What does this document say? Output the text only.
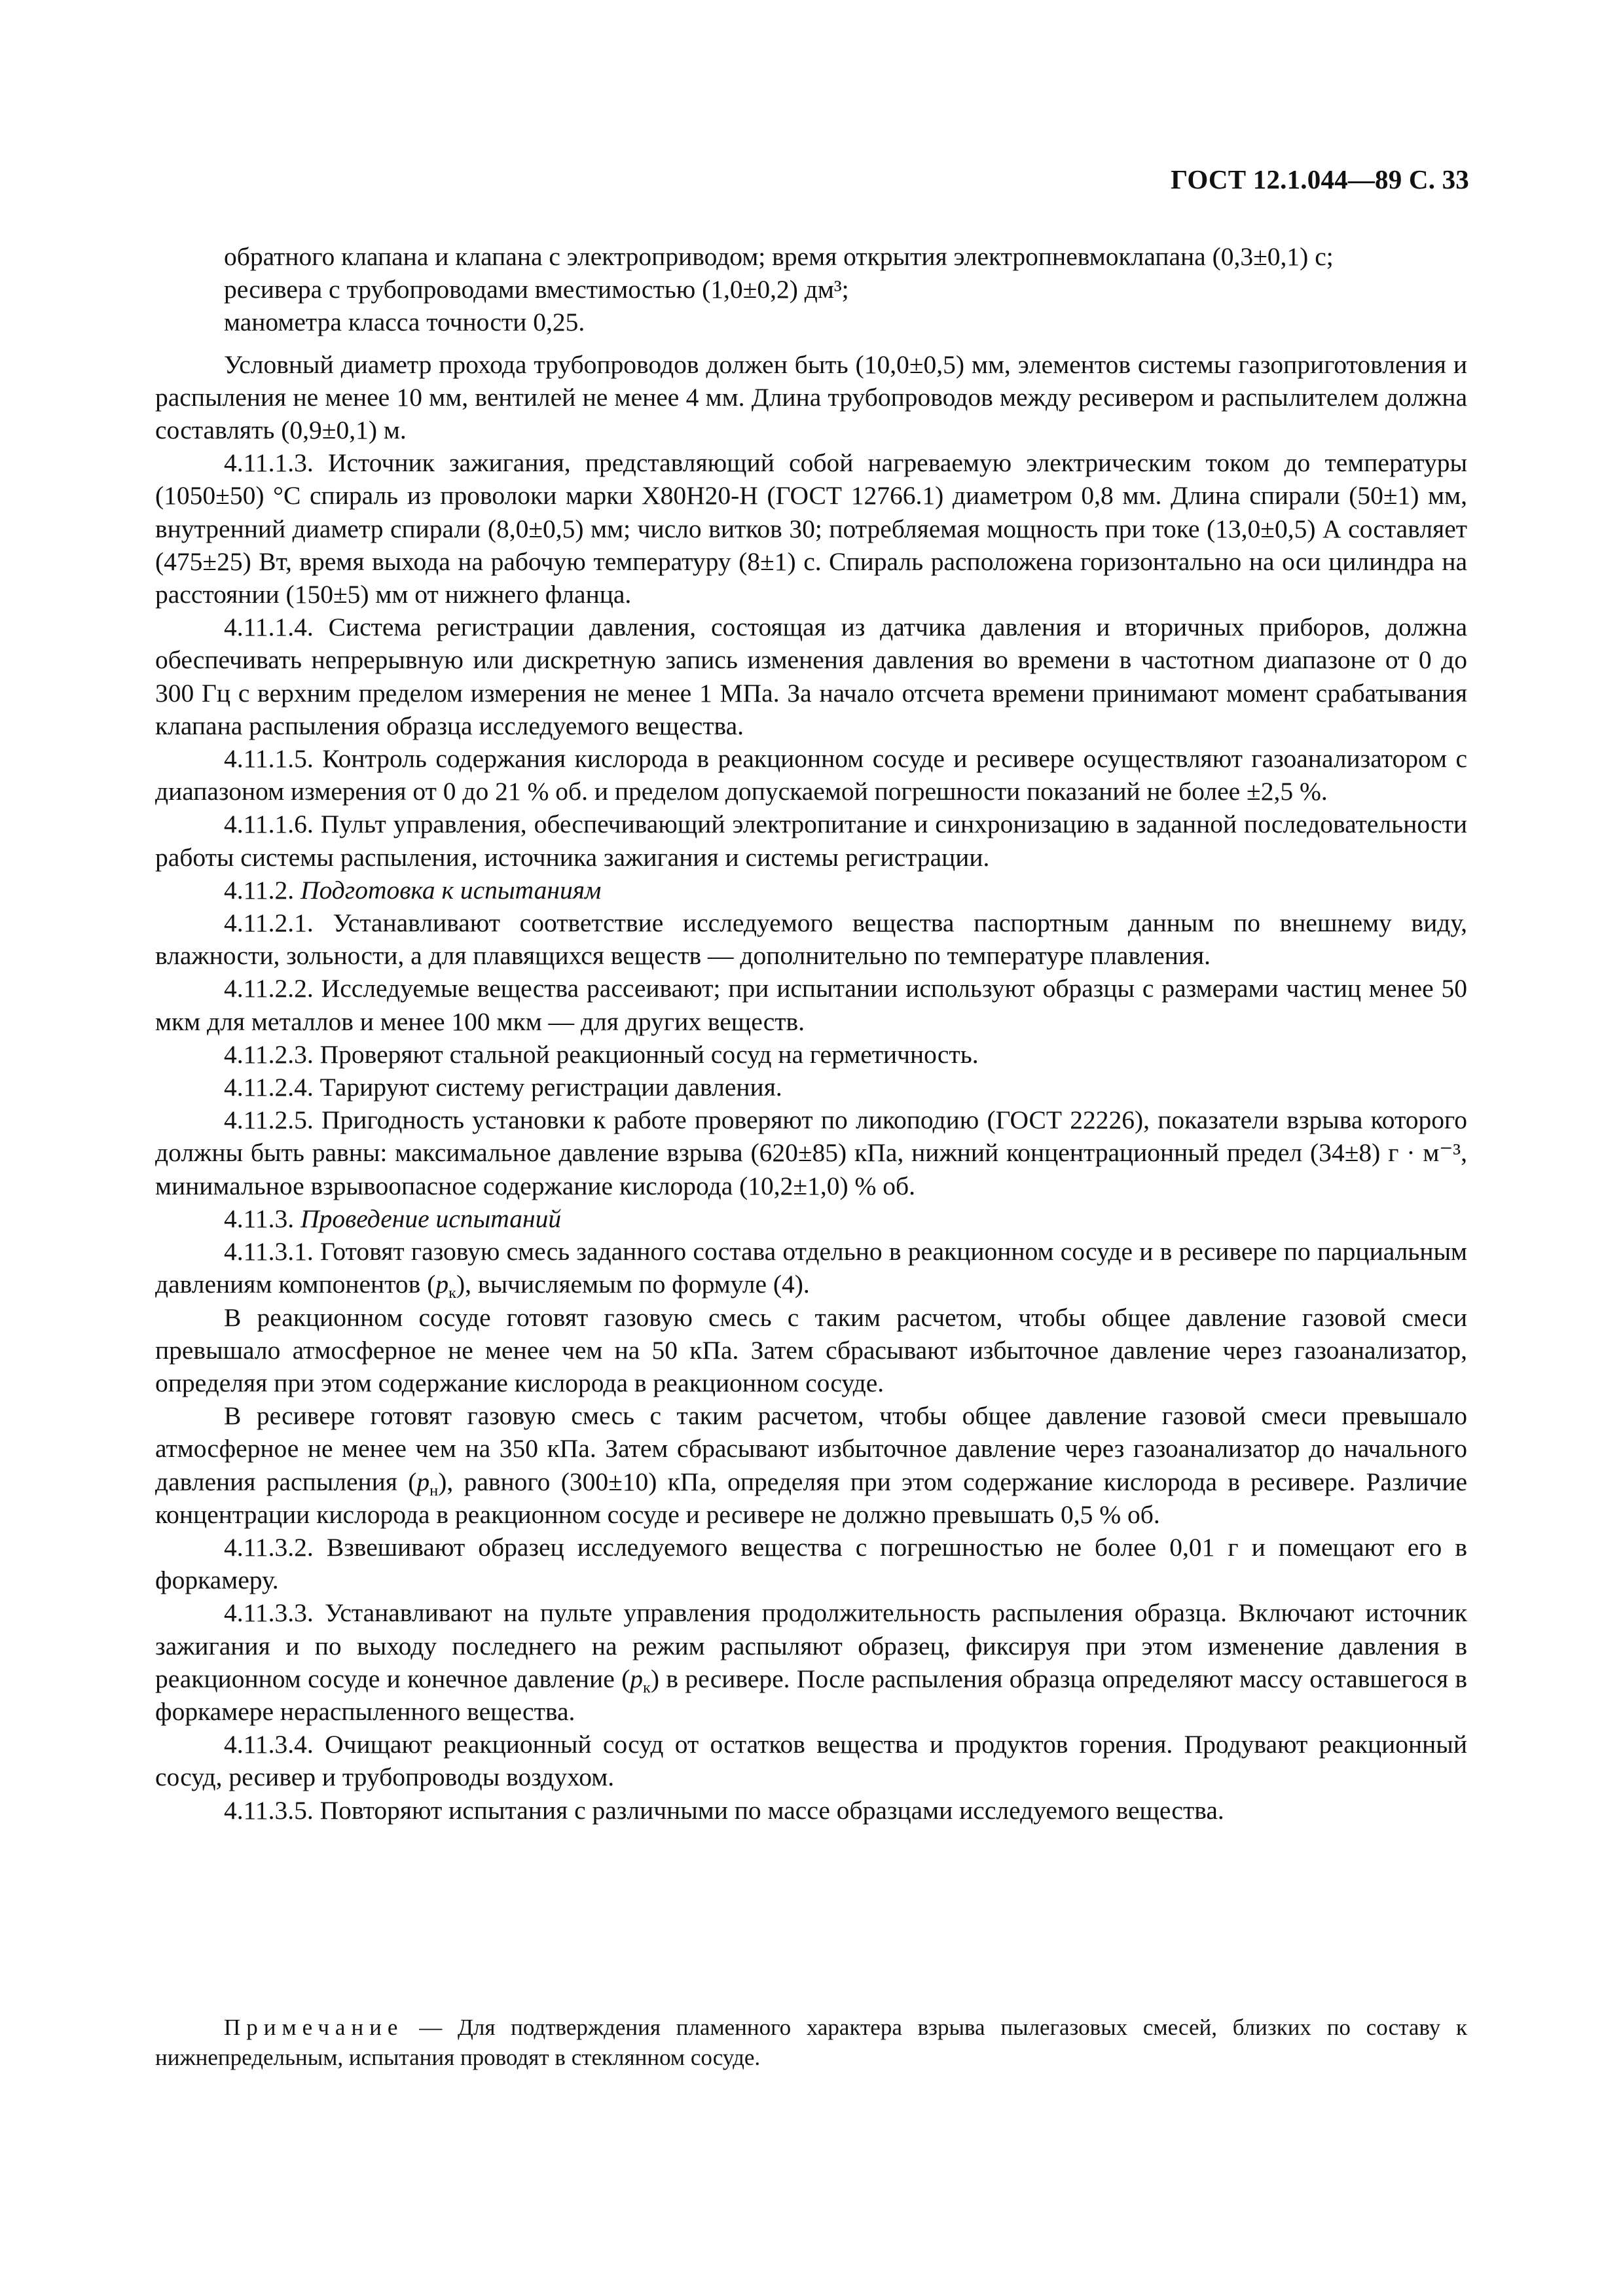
ГОСТ 12.1.044—89 С. 33

обратного клапана и клапана с электроприводом; время открытия электропневмоклапана (0,3±0,1) с;

ресивера с трубопроводами вместимостью (1,0±0,2) дм³;

манометра класса точности 0,25.

Условный диаметр прохода трубопроводов должен быть (10,0±0,5) мм, элементов системы газоприготовления и распыления не менее 10 мм, вентилей не менее 4 мм. Длина трубопроводов между ресивером и распылителем должна составлять (0,9±0,1) м.

4.11.1.3. Источник зажигания, представляющий собой нагреваемую электрическим током до температуры (1050±50) °С спираль из проволоки марки Х80Н20-Н (ГОСТ 12766.1) диаметром 0,8 мм. Длина спирали (50±1) мм, внутренний диаметр спирали (8,0±0,5) мм; число витков 30; потребляемая мощность при токе (13,0±0,5) А составляет (475±25) Вт, время выхода на рабочую температуру (8±1) с. Спираль расположена горизонтально на оси цилиндра на расстоянии (150±5) мм от нижнего фланца.

4.11.1.4. Система регистрации давления, состоящая из датчика давления и вторичных приборов, должна обеспечивать непрерывную или дискретную запись изменения давления во времени в частотном диапазоне от 0 до 300 Гц с верхним пределом измерения не менее 1 МПа. За начало отсчета времени принимают момент срабатывания клапана распыления образца исследуемого вещества.

4.11.1.5. Контроль содержания кислорода в реакционном сосуде и ресивере осуществляют газоанализатором с диапазоном измерения от 0 до 21 % об. и пределом допускаемой погрешности показаний не более ±2,5 %.

4.11.1.6. Пульт управления, обеспечивающий электропитание и синхронизацию в заданной последовательности работы системы распыления, источника зажигания и системы регистрации.

4.11.2. Подготовка к испытаниям

4.11.2.1. Устанавливают соответствие исследуемого вещества паспортным данным по внешнему виду, влажности, зольности, а для плавящихся веществ — дополнительно по температуре плавления.

4.11.2.2. Исследуемые вещества рассеивают; при испытании используют образцы с размерами частиц менее 50 мкм для металлов и менее 100 мкм — для других веществ.

4.11.2.3. Проверяют стальной реакционный сосуд на герметичность.

4.11.2.4. Тарируют систему регистрации давления.

4.11.2.5. Пригодность установки к работе проверяют по ликоподию (ГОСТ 22226), показатели взрыва которого должны быть равны: максимальное давление взрыва (620±85) кПа, нижний концентрационный предел (34±8) г · м⁻³, минимальное взрывоопасное содержание кислорода (10,2±1,0) % об.

4.11.3. Проведение испытаний

4.11.3.1. Готовят газовую смесь заданного состава отдельно в реакционном сосуде и в ресивере по парциальным давлениям компонентов $(p_к)$, вычисляемым по формуле (4).

В реакционном сосуде готовят газовую смесь с таким расчетом, чтобы общее давление газовой смеси превышало атмосферное не менее чем на 50 кПа. Затем сбрасывают избыточное давление через газоанализатор, определяя при этом содержание кислорода в реакционном сосуде.

В ресивере готовят газовую смесь с таким расчетом, чтобы общее давление газовой смеси превышало атмосферное не менее чем на 350 кПа. Затем сбрасывают избыточное давление через газоанализатор до начального давления распыления $(p_н)$, равного (300±10) кПа, определяя при этом содержание кислорода в ресивере. Различие концентрации кислорода в реакционном сосуде и ресивере не должно превышать 0,5 % об.

4.11.3.2. Взвешивают образец исследуемого вещества с погрешностью не более 0,01 г и помещают его в форкамеру.

4.11.3.3. Устанавливают на пульте управления продолжительность распыления образца. Включают источник зажигания и по выходу последнего на режим распыляют образец, фиксируя при этом изменение давления в реакционном сосуде и конечное давление $(p_к)$ в ресивере. После распыления образца определяют массу оставшегося в форкамере нераспыленного вещества.

4.11.3.4. Очищают реакционный сосуд от остатков вещества и продуктов горения. Продувают реакционный сосуд, ресивер и трубопроводы воздухом.

4.11.3.5. Повторяют испытания с различными по массе образцами исследуемого вещества.

Примечание — Для подтверждения пламенного характера взрыва пылегазовых смесей, близких по составу к нижнепредельным, испытания проводят в стеклянном сосуде.
